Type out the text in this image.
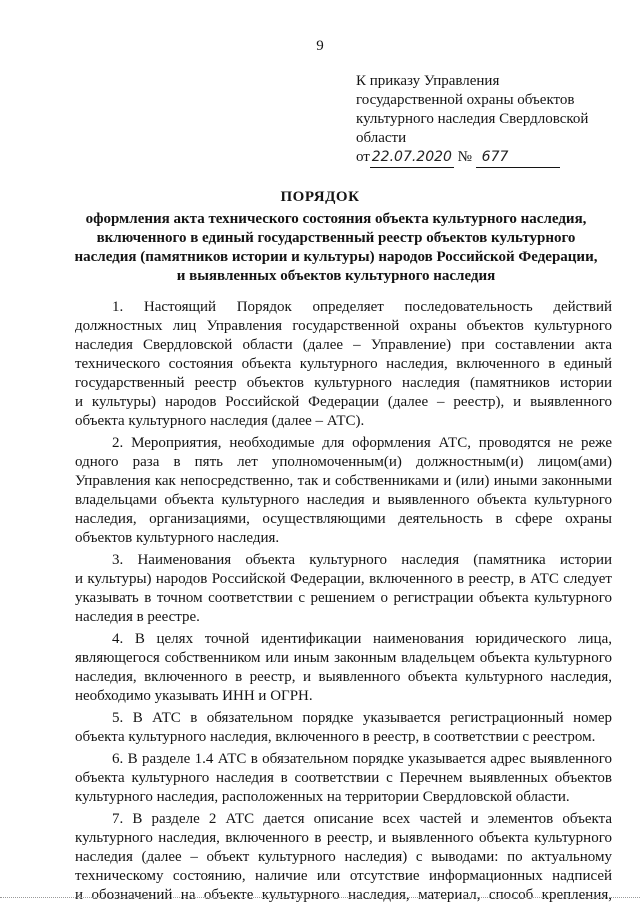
9
К приказу Управления
государственной охраны объектов
культурного наследия Свердловской
области
от 22.07.2020 № 677
ПОРЯДОК
оформления акта технического состояния объекта культурного наследия,
включенного в единый государственный реестр объектов культурного
наследия (памятников истории и культуры) народов Российской Федерации,
и выявленных объектов культурного наследия
1. Настоящий Порядок определяет последовательность действий
должностных лиц Управления государственной охраны объектов культурного
наследия Свердловской области (далее – Управление) при составлении акта
технического состояния объекта культурного наследия, включенного в единый
государственный реестр объектов культурного наследия (памятников истории
и культуры) народов Российской Федерации (далее – реестр), и выявленного
объекта культурного наследия (далее – АТС).
2. Мероприятия, необходимые для оформления АТС, проводятся не реже
одного раза в пять лет уполномоченным(и) должностным(и) лицом(ами)
Управления как непосредственно, так и собственниками и (или) иными законными
владельцами объекта культурного наследия и выявленного объекта культурного
наследия, организациями, осуществляющими деятельность в сфере охраны
объектов культурного наследия.
3. Наименования объекта культурного наследия (памятника истории
и культуры) народов Российской Федерации, включенного в реестр, в АТС следует
указывать в точном соответствии с решением о регистрации объекта культурного
наследия в реестре.
4. В целях точной идентификации наименования юридического лица,
являющегося собственником или иным законным владельцем объекта культурного
наследия, включенного в реестр, и выявленного объекта культурного наследия,
необходимо указывать ИНН и ОГРН.
5. В АТС в обязательном порядке указывается регистрационный номер
объекта культурного наследия, включенного в реестр, в соответствии с реестром.
6. В разделе 1.4 АТС в обязательном порядке указывается адрес выявленного
объекта культурного наследия в соответствии с Перечнем выявленных объектов
культурного наследия, расположенных на территории Свердловской области.
7. В разделе 2 АТС дается описание всех частей и элементов объекта
культурного наследия, включенного в реестр, и выявленного объекта культурного
наследия (далее – объект культурного наследия) с выводами: по актуальному
техническому состоянию, наличие или отсутствие информационных надписей
и обозначений на объекте культурного наследия, материал, способ крепления,
